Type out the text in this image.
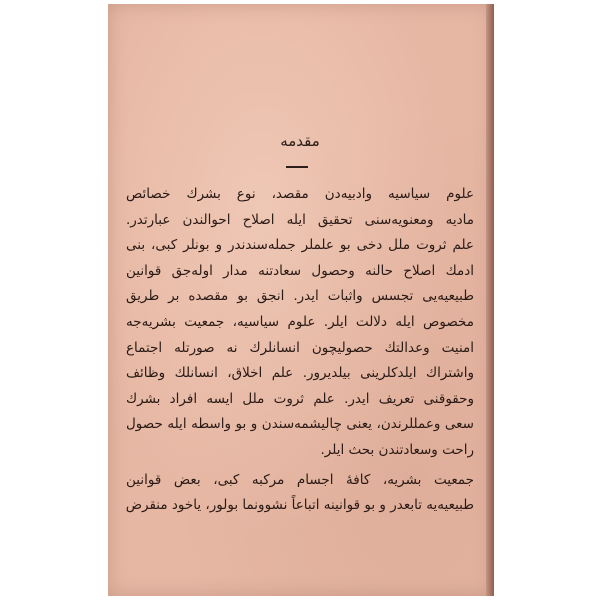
مقدمه
علوم سیاسیه وادبیه‌دن مقصد، نوع بشرك خصائص
مادیه ومعنویه‌سنی تحقیق ایله اصلاح احوالندن عبارتدر.
علم ثروت ملل دخی بو علملر جمله‌سندندر و بونلر کبی، بنی
ادمك اصلاح حالنه وحصول سعادتنه مدار اوله‌جق قوانین
طبیعیه‌یی تجسس واثبات ایدر. انجق بو مقصده بر طریق
مخصوص ایله دلالت ایلر. علوم سیاسیه، جمعیت بشریه‌جه
امنیت وعدالتك حصولیچون انسانلرك نه صورتله اجتماع
واشتراك ایلدکلرینی بیلدیرور. علم اخلاق، انسانلك وظائف
وحقوقنی تعریف ایدر. علم ثروت ملل ایسه افراد بشرك
سعی وعمللرندن، یعنی چالیشمه‌سندن و بو واسطه ایله حصول
راحت وسعادتندن بحث ایلر.
جمعیت بشریه، کافهٔ اجسام مرکبه کبی، بعض قوانین
طبیعیه‌یه تابعدر و بو قوانینه اتباعاً نشوونما بولور، یاخود منقرض
